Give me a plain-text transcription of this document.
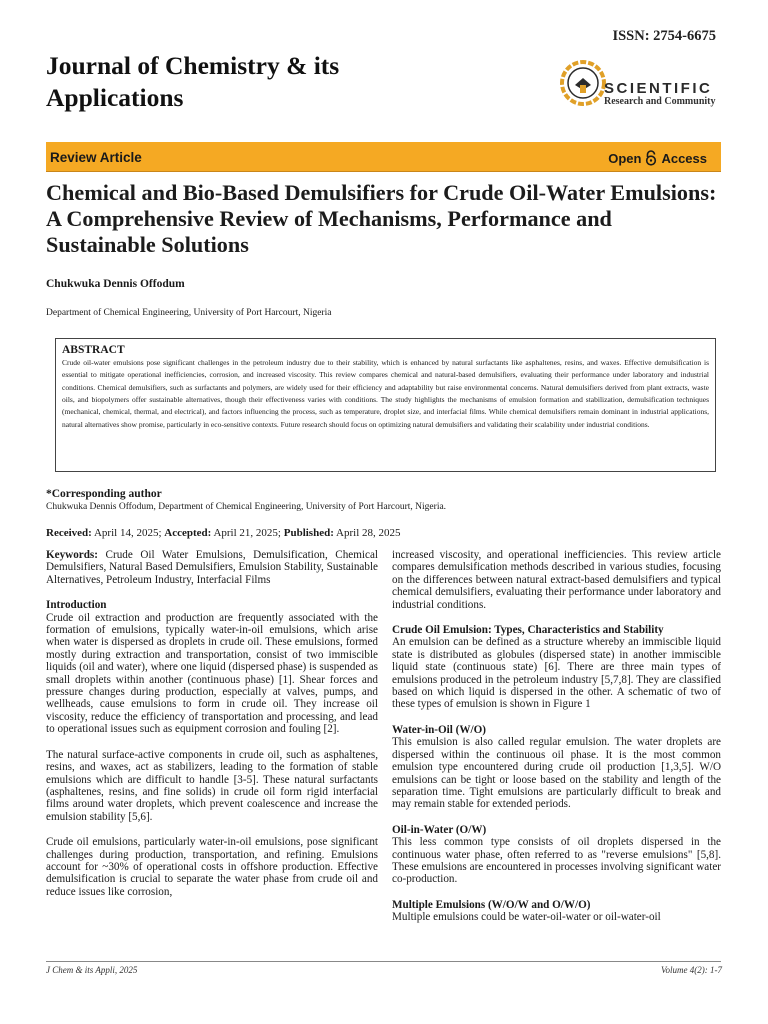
ISSN: 2754-6675
Journal of Chemistry & its Applications	SCIENTIFIC
Research and Community
Review Article	Open Access
Chemical and Bio-Based Demulsifiers for Crude Oil-Water Emulsions: A Comprehensive Review of Mechanisms, Performance and Sustainable Solutions
Chukwuka Dennis Offodum
Department of Chemical Engineering, University of Port Harcourt, Nigeria
ABSTRACT
Crude oil-water emulsions pose significant challenges in the petroleum industry due to their stability, which is enhanced by natural surfactants like asphaltenes, resins, and waxes. Effective demulsification is essential to mitigate operational inefficiencies, corrosion, and increased viscosity. This review compares chemical and natural-based demulsifiers, evaluating their performance under laboratory and industrial conditions. Chemical demulsifiers, such as surfactants and polymers, are widely used for their efficiency and adaptability but raise environmental concerns. Natural demulsifiers derived from plant extracts, waste oils, and biopolymers offer sustainable alternatives, though their effectiveness varies with conditions. The study highlights the mechanisms of emulsion formation and stabilization, demulsification techniques (mechanical, chemical, thermal, and electrical), and factors influencing the process, such as temperature, droplet size, and interfacial films. While chemical demulsifiers remain dominant in industrial applications, natural alternatives show promise, particularly in eco-sensitive contexts. Future research should focus on optimizing natural demulsifiers and validating their scalability under industrial conditions.
*Corresponding author
Chukwuka Dennis Offodum, Department of Chemical Engineering, University of Port Harcourt, Nigeria.
Received: April 14, 2025; Accepted: April 21, 2025; Published: April 28, 2025

Keywords: Crude Oil Water Emulsions, Demulsification, Chemical Demulsifiers, Natural Based Demulsifiers, Emulsion Stability, Sustainable Alternatives, Petroleum Industry, Interfacial Films

Introduction

Crude oil extraction and production are frequently associated with the formation of emulsions, typically water-in-oil emulsions, which arise when water is dispersed as droplets in crude oil. These emulsions, formed mostly during extraction and transportation, consist of two immiscible liquids (oil and water), where one liquid (dispersed phase) is suspended as small droplets within another (continuous phase) [1]. Shear forces and pressure changes during production, especially at valves, pumps, and wellheads, cause emulsions to form in crude oil. They increase oil viscosity, reduce the efficiency of transportation and processing, and lead to operational issues such as equipment corrosion and fouling [2].

The natural surface-active components in crude oil, such as asphaltenes, resins, and waxes, act as stabilizers, leading to the formation of stable emulsions which are difficult to handle [3-5]. These natural surfactants (asphaltenes, resins, and fine solids) in crude oil form rigid interfacial films around water droplets, which prevent coalescence and increase the emulsion stability [5,6].

Crude oil emulsions, particularly water-in-oil emulsions, pose significant challenges during production, transportation, and refining. Emulsions account for ~30% of operational costs in offshore production. Effective demulsification is crucial to separate the water phase from crude oil and reduce issues like corrosion,

increased viscosity, and operational inefficiencies. This review article compares demulsification methods described in various studies, focusing on the differences between natural extract-based demulsifiers and typical chemical demulsifiers, evaluating their performance under laboratory and industrial conditions.

Crude Oil Emulsion: Types, Characteristics and Stability

An emulsion can be defined as a structure whereby an immiscible liquid state is distributed as globules (dispersed state) in another immiscible liquid state (continuous state) [6]. There are three main types of emulsions produced in the petroleum industry [5,7,8]. They are classified based on which liquid is dispersed in the other. A schematic of two of these types of emulsion is shown in Figure 1

Water-in-Oil (W/O)

This emulsion is also called regular emulsion. The water droplets are dispersed within the continuous oil phase. It is the most common emulsion type encountered during crude oil production [1,3,5]. W/O emulsions can be tight or loose based on the stability and length of the separation time. Tight emulsions are particularly difficult to break and may remain stable for extended periods.

Oil-in-Water (O/W)

This less common type consists of oil droplets dispersed in the continuous water phase, often referred to as "reverse emulsions" [5,8]. These emulsions are encountered in processes involving significant water co-production.

Multiple Emulsions (W/O/W and O/W/O)

Multiple emulsions could be water-oil-water or oil-water-oil

J Chem & its Appli, 2025	Volume 4(2): 1-7
